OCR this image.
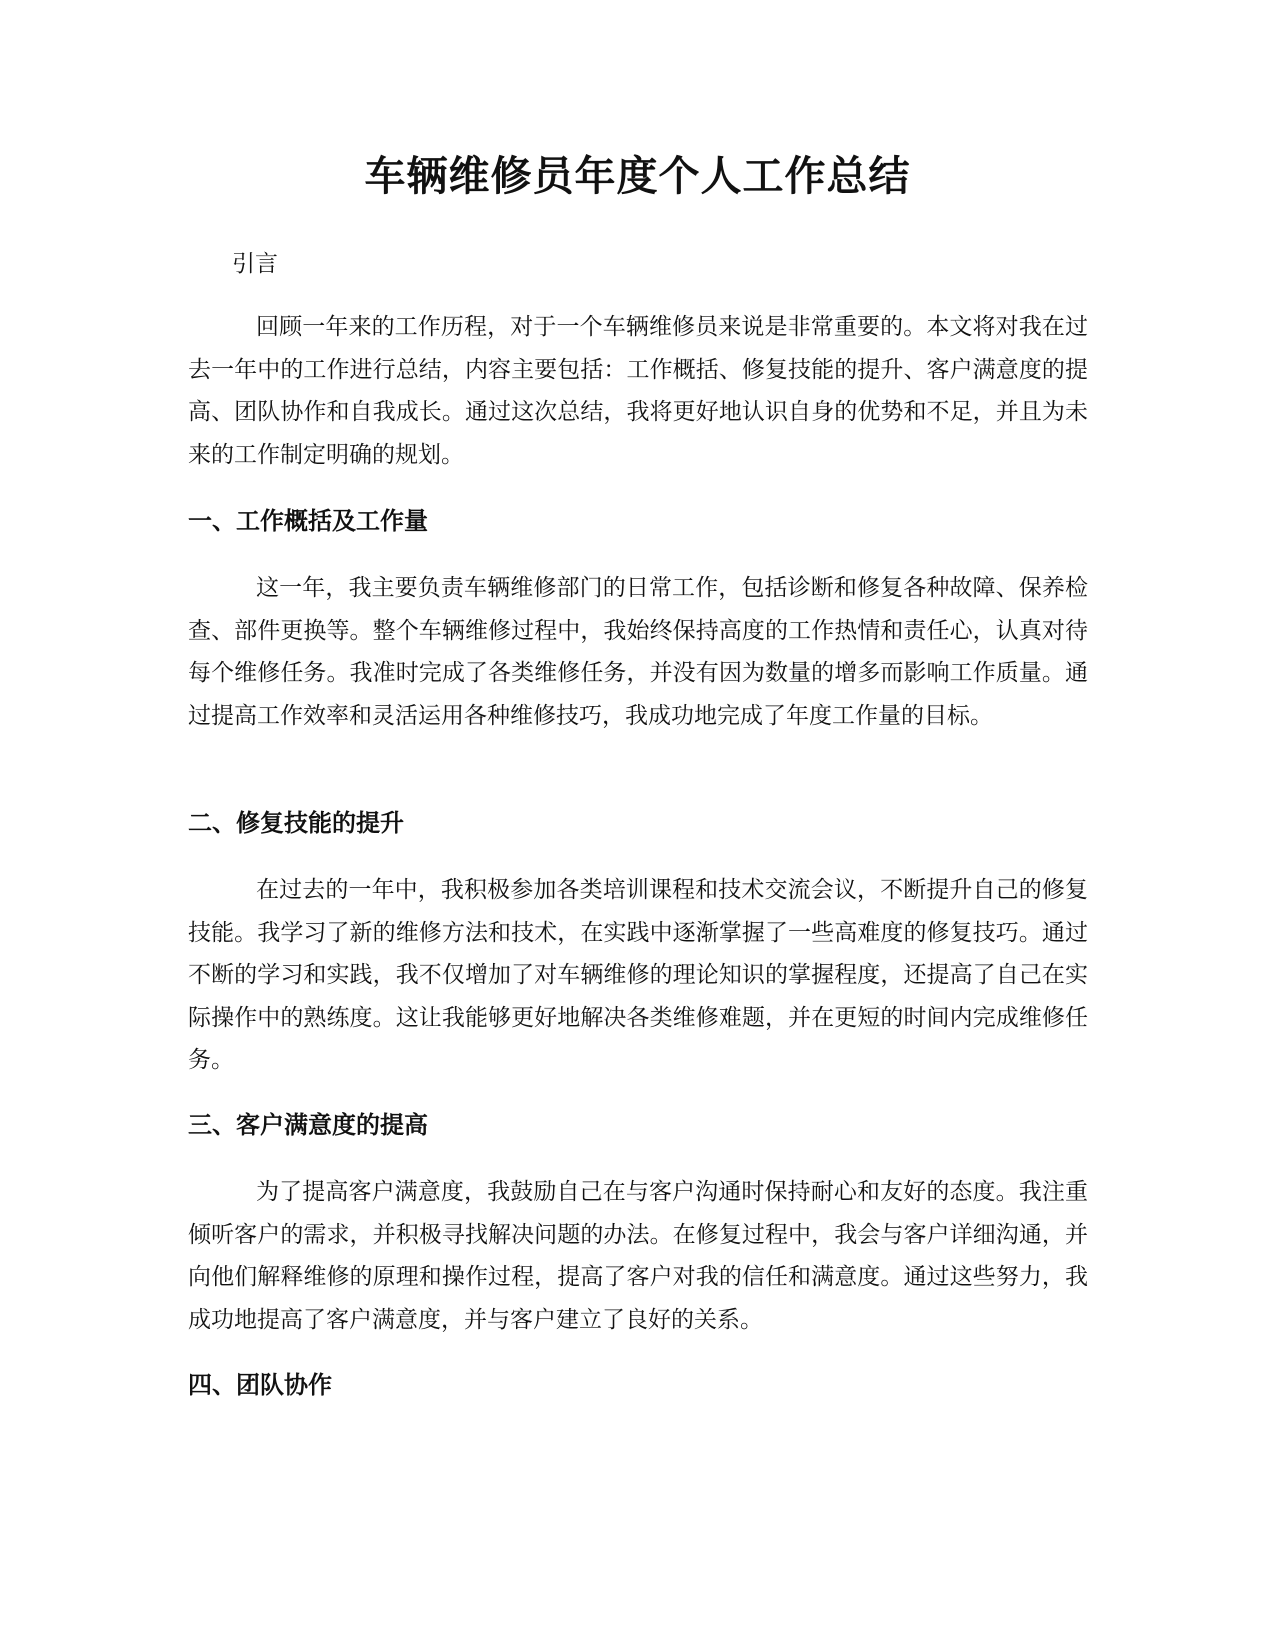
车辆维修员年度个人工作总结

引言

回顾一年来的工作历程，对于一个车辆维修员来说是非常重要的。本文将对我在过去一年中的工作进行总结，内容主要包括：工作概括、修复技能的提升、客户满意度的提高、团队协作和自我成长。通过这次总结，我将更好地认识自身的优势和不足，并且为未来的工作制定明确的规划。

一、工作概括及工作量

这一年，我主要负责车辆维修部门的日常工作，包括诊断和修复各种故障、保养检查、部件更换等。整个车辆维修过程中，我始终保持高度的工作热情和责任心，认真对待每个维修任务。我准时完成了各类维修任务，并没有因为数量的增多而影响工作质量。通过提高工作效率和灵活运用各种维修技巧，我成功地完成了年度工作量的目标。

二、修复技能的提升

在过去的一年中，我积极参加各类培训课程和技术交流会议，不断提升自己的修复技能。我学习了新的维修方法和技术，在实践中逐渐掌握了一些高难度的修复技巧。通过不断的学习和实践，我不仅增加了对车辆维修的理论知识的掌握程度，还提高了自己在实际操作中的熟练度。这让我能够更好地解决各类维修难题，并在更短的时间内完成维修任务。

三、客户满意度的提高

为了提高客户满意度，我鼓励自己在与客户沟通时保持耐心和友好的态度。我注重倾听客户的需求，并积极寻找解决问题的办法。在修复过程中，我会与客户详细沟通，并向他们解释维修的原理和操作过程，提高了客户对我的信任和满意度。通过这些努力，我成功地提高了客户满意度，并与客户建立了良好的关系。

四、团队协作
